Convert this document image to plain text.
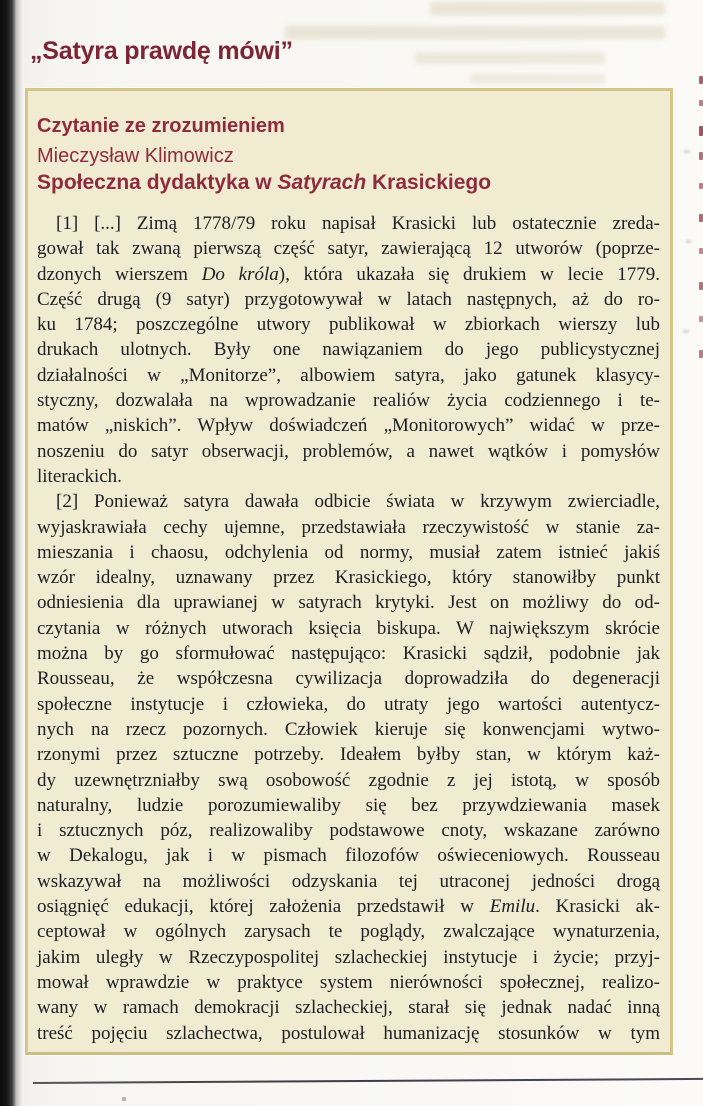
„Satyra prawdę mówi”
Czytanie ze zrozumieniem
Mieczysław Klimowicz
Społeczna dydaktyka w Satyrach Krasickiego
[1] [...] Zimą 1778/79 roku napisał Krasicki lub ostatecznie zreda-
gował tak zwaną pierwszą część satyr, zawierającą 12 utworów (poprze-
dzonych wierszem Do króla), która ukazała się drukiem w lecie 1779.
Część drugą (9 satyr) przygotowywał w latach następnych, aż do ro-
ku 1784; poszczególne utwory publikował w zbiorkach wierszy lub
drukach ulotnych. Były one nawiązaniem do jego publicystycznej
działalności w „Monitorze”, albowiem satyra, jako gatunek klasycy-
styczny, dozwalała na wprowadzanie realiów życia codziennego i te-
matów „niskich”. Wpływ doświadczeń „Monitorowych” widać w prze-
noszeniu do satyr obserwacji, problemów, a nawet wątków i pomysłów
literackich.
[2] Ponieważ satyra dawała odbicie świata w krzywym zwierciadle,
wyjaskrawiała cechy ujemne, przedstawiała rzeczywistość w stanie za-
mieszania i chaosu, odchylenia od normy, musiał zatem istnieć jakiś
wzór idealny, uznawany przez Krasickiego, który stanowiłby punkt
odniesienia dla uprawianej w satyrach krytyki. Jest on możliwy do od-
czytania w różnych utworach księcia biskupa. W największym skrócie
można by go sformułować następująco: Krasicki sądził, podobnie jak
Rousseau, że współczesna cywilizacja doprowadziła do degeneracji
społeczne instytucje i człowieka, do utraty jego wartości autentycz-
nych na rzecz pozornych. Człowiek kieruje się konwencjami wytwo-
rzonymi przez sztuczne potrzeby. Ideałem byłby stan, w którym każ-
dy uzewnętrzniałby swą osobowość zgodnie z jej istotą, w sposób
naturalny, ludzie porozumiewaliby się bez przywdziewania masek
i sztucznych póz, realizowaliby podstawowe cnoty, wskazane zarówno
w Dekalogu, jak i w pismach filozofów oświeceniowych. Rousseau
wskazywał na możliwości odzyskania tej utraconej jedności drogą
osiągnięć edukacji, której założenia przedstawił w Emilu. Krasicki ak-
ceptował w ogólnych zarysach te poglądy, zwalczające wynaturzenia,
jakim uległy w Rzeczypospolitej szlacheckiej instytucje i życie; przyj-
mował wprawdzie w praktyce system nierówności społecznej, realizo-
wany w ramach demokracji szlacheckiej, starał się jednak nadać inną
treść pojęciu szlachectwa, postulował humanizację stosunków w tym
